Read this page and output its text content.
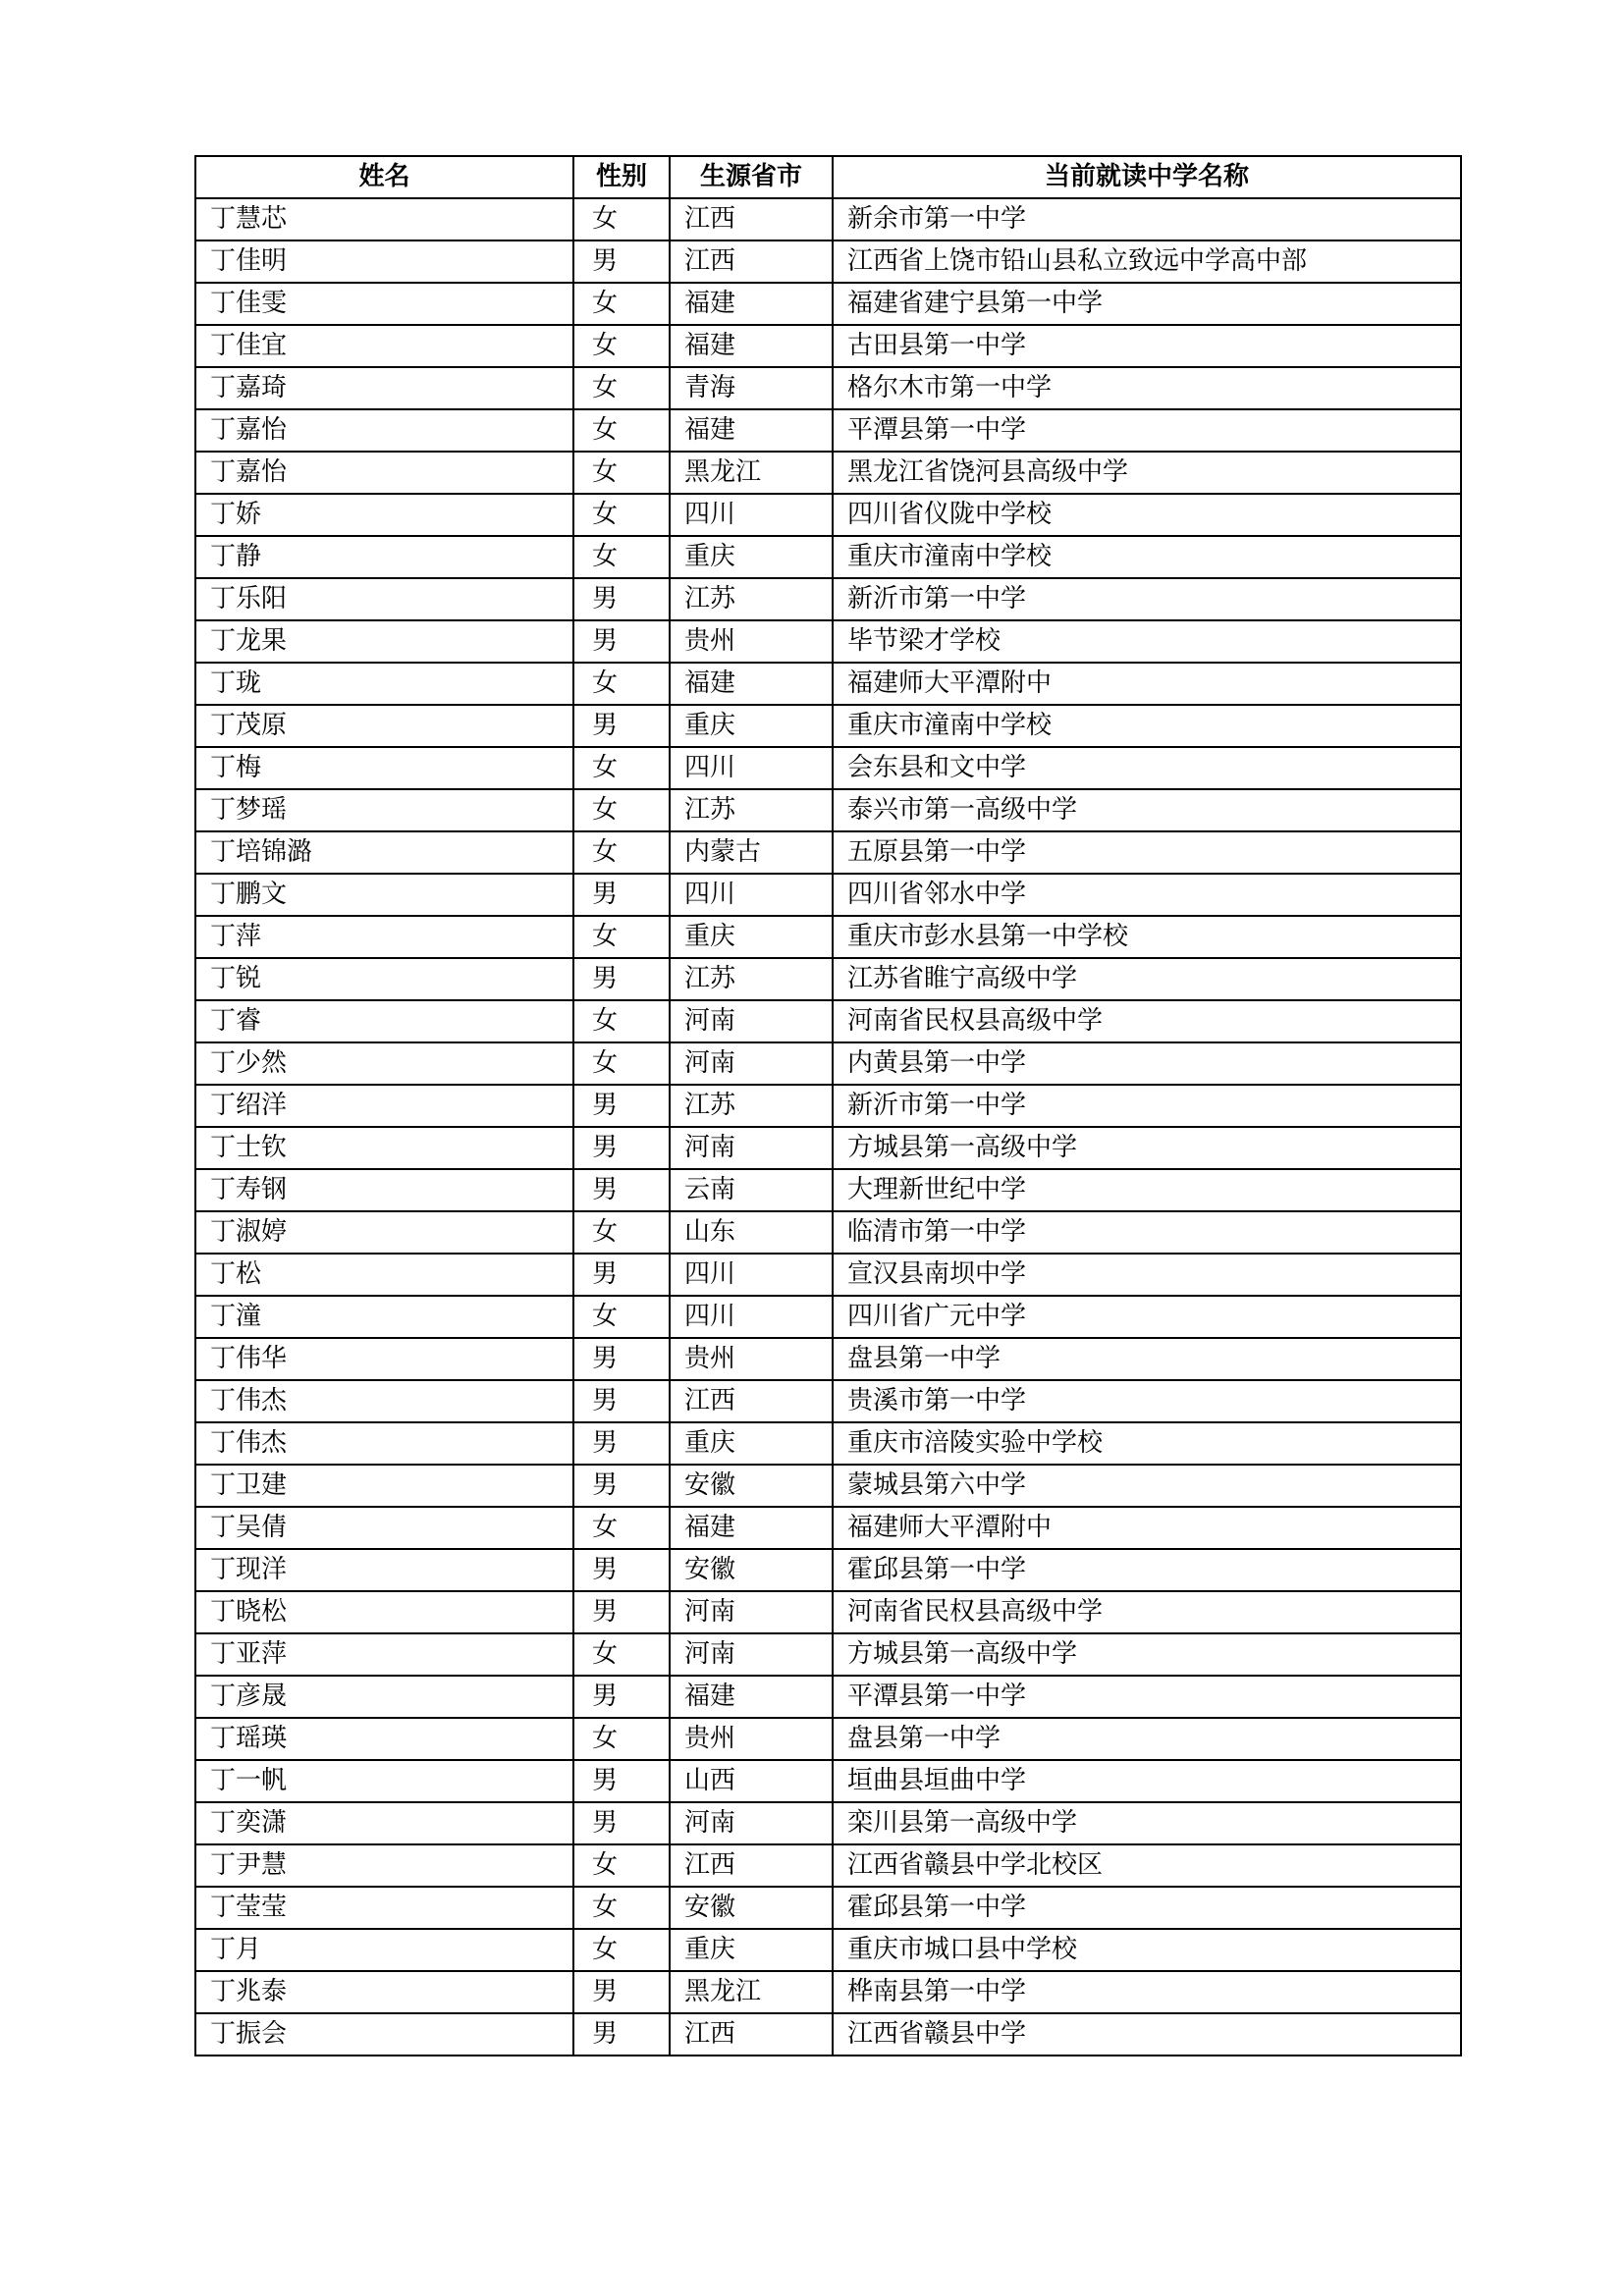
姓名	性别	生源省市	当前就读中学名称
丁慧芯	女	江西	新余市第一中学
丁佳明	男	江西	江西省上饶市铅山县私立致远中学高中部
丁佳雯	女	福建	福建省建宁县第一中学
丁佳宜	女	福建	古田县第一中学
丁嘉琦	女	青海	格尔木市第一中学
丁嘉怡	女	福建	平潭县第一中学
丁嘉怡	女	黑龙江	黑龙江省饶河县高级中学
丁娇	女	四川	四川省仪陇中学校
丁静	女	重庆	重庆市潼南中学校
丁乐阳	男	江苏	新沂市第一中学
丁龙果	男	贵州	毕节梁才学校
丁珑	女	福建	福建师大平潭附中
丁茂原	男	重庆	重庆市潼南中学校
丁梅	女	四川	会东县和文中学
丁梦瑶	女	江苏	泰兴市第一高级中学
丁培锦潞	女	内蒙古	五原县第一中学
丁鹏文	男	四川	四川省邻水中学
丁萍	女	重庆	重庆市彭水县第一中学校
丁锐	男	江苏	江苏省睢宁高级中学
丁睿	女	河南	河南省民权县高级中学
丁少然	女	河南	内黄县第一中学
丁绍洋	男	江苏	新沂市第一中学
丁士钦	男	河南	方城县第一高级中学
丁寿钢	男	云南	大理新世纪中学
丁淑婷	女	山东	临清市第一中学
丁松	男	四川	宣汉县南坝中学
丁潼	女	四川	四川省广元中学
丁伟华	男	贵州	盘县第一中学
丁伟杰	男	江西	贵溪市第一中学
丁伟杰	男	重庆	重庆市涪陵实验中学校
丁卫建	男	安徽	蒙城县第六中学
丁吴倩	女	福建	福建师大平潭附中
丁现洋	男	安徽	霍邱县第一中学
丁晓松	男	河南	河南省民权县高级中学
丁亚萍	女	河南	方城县第一高级中学
丁彦晟	男	福建	平潭县第一中学
丁瑶瑛	女	贵州	盘县第一中学
丁一帆	男	山西	垣曲县垣曲中学
丁奕潇	男	河南	栾川县第一高级中学
丁尹慧	女	江西	江西省赣县中学北校区
丁莹莹	女	安徽	霍邱县第一中学
丁月	女	重庆	重庆市城口县中学校
丁兆泰	男	黑龙江	桦南县第一中学
丁振会	男	江西	江西省赣县中学
